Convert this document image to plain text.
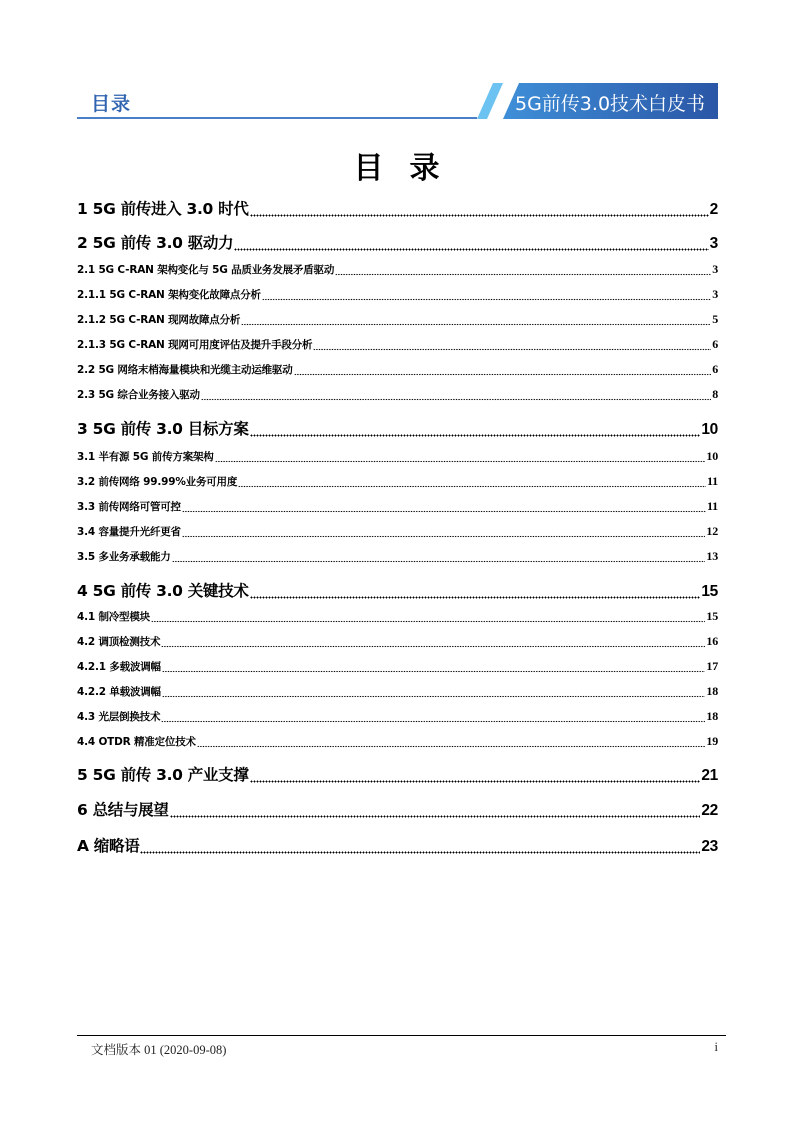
目录	5G前传3.0技术白皮书
目录
1 5G 前传进入 3.0 时代	2
2 5G 前传 3.0 驱动力	3
2.1 5G C-RAN 架构变化与 5G 品质业务发展矛盾驱动	3
2.1.1 5G C-RAN 架构变化故障点分析	3
2.1.2 5G C-RAN 现网故障点分析	5
2.1.3 5G C-RAN 现网可用度评估及提升手段分析	6
2.2 5G 网络末梢海量模块和光缆主动运维驱动	6
2.3 5G 综合业务接入驱动	8
3 5G 前传 3.0 目标方案	10
3.1 半有源 5G 前传方案架构	10
3.2 前传网络 99.99%业务可用度	11
3.3 前传网络可管可控	11
3.4 容量提升光纤更省	12
3.5 多业务承载能力	13
4 5G 前传 3.0 关键技术	15
4.1 制冷型模块	15
4.2 调顶检测技术	16
4.2.1 多载波调幅	17
4.2.2 单载波调幅	18
4.3 光层倒换技术	18
4.4 OTDR 精准定位技术	19
5 5G 前传 3.0 产业支撑	21
6 总结与展望	22
A 缩略语	23
文档版本 01 (2020-09-08)	i
